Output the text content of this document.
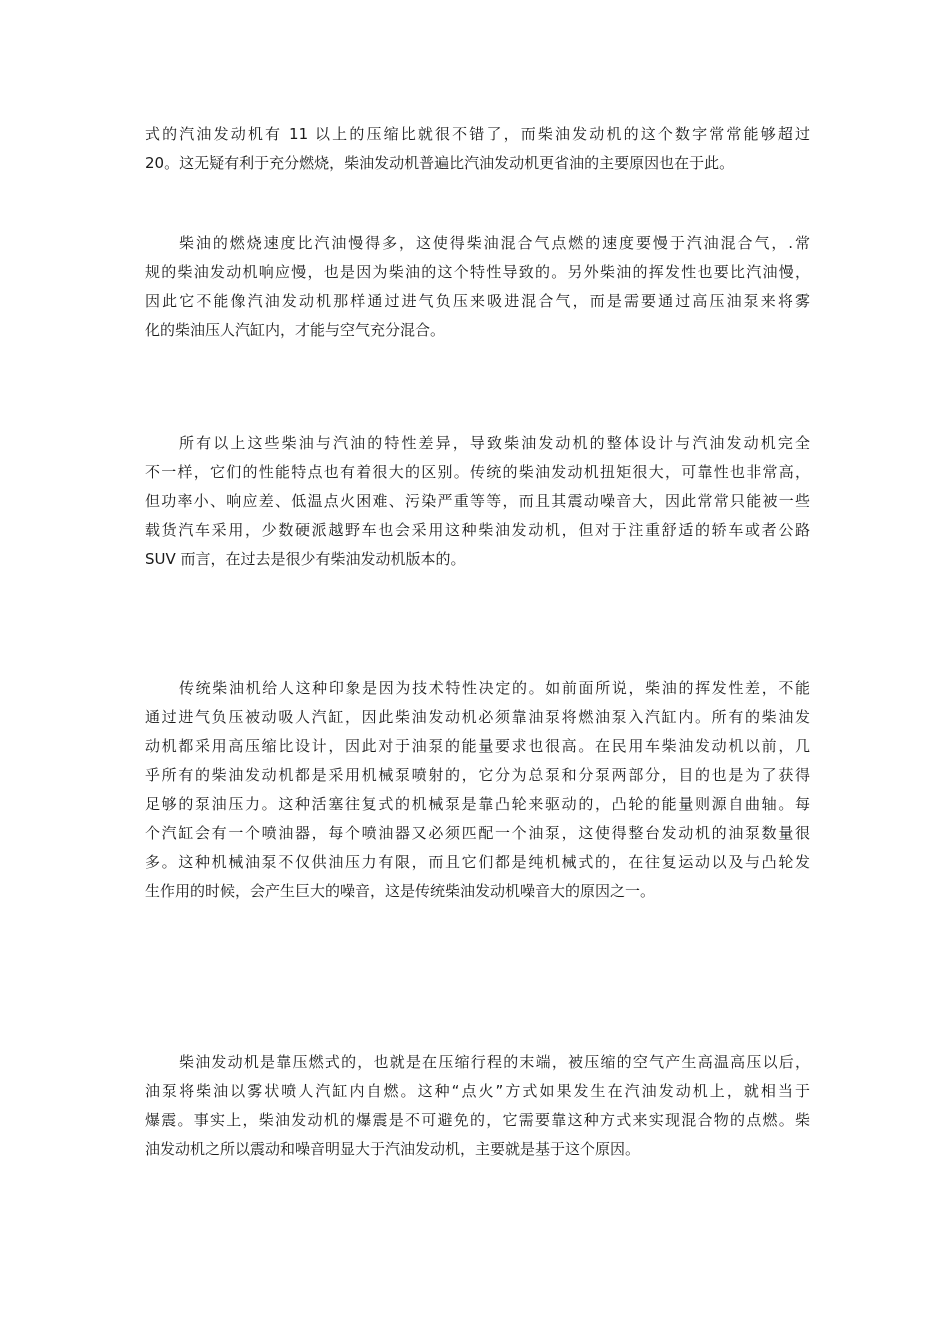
式的汽油发动机有 11 以上的压缩比就很不错了，而柴油发动机的这个数字常常能够超过
20。这无疑有利于充分燃烧，柴油发动机普遍比汽油发动机更省油的主要原因也在于此。

柴油的燃烧速度比汽油慢得多，这使得柴油混合气点燃的速度要慢于汽油混合气，.常
规的柴油发动机响应慢，也是因为柴油的这个特性导致的。另外柴油的挥发性也要比汽油慢，
因此它不能像汽油发动机那样通过进气负压来吸进混合气，而是需要通过高压油泵来将雾
化的柴油压人汽缸内，才能与空气充分混合。

所有以上这些柴油与汽油的特性差异，导致柴油发动机的整体设计与汽油发动机完全
不一样，它们的性能特点也有着很大的区别。传统的柴油发动机扭矩很大，可靠性也非常高，
但功率小、响应差、低温点火困难、污染严重等等，而且其震动噪音大，因此常常只能被一些
载货汽车采用，少数硬派越野车也会采用这种柴油发动机，但对于注重舒适的轿车或者公路
SUV 而言，在过去是很少有柴油发动机版本的。

传统柴油机给人这种印象是因为技术特性决定的。如前面所说，柴油的挥发性差，不能
通过进气负压被动吸人汽缸，因此柴油发动机必须靠油泵将燃油泵入汽缸内。所有的柴油发
动机都采用高压缩比设计，因此对于油泵的能量要求也很高。在民用车柴油发动机以前，几
乎所有的柴油发动机都是采用机械泵喷射的，它分为总泵和分泵两部分，目的也是为了获得
足够的泵油压力。这种活塞往复式的机械泵是靠凸轮来驱动的，凸轮的能量则源自曲轴。每
个汽缸会有一个喷油器，每个喷油器又必须匹配一个油泵，这使得整台发动机的油泵数量很
多。这种机械油泵不仅供油压力有限，而且它们都是纯机械式的，在往复运动以及与凸轮发
生作用的时候，会产生巨大的噪音，这是传统柴油发动机噪音大的原因之一。

柴油发动机是靠压燃式的，也就是在压缩行程的末端，被压缩的空气产生高温高压以后，
油泵将柴油以雾状喷人汽缸内自燃。这种“点火”方式如果发生在汽油发动机上，就相当于
爆震。事实上，柴油发动机的爆震是不可避免的，它需要靠这种方式来实现混合物的点燃。柴
油发动机之所以震动和噪音明显大于汽油发动机，主要就是基于这个原因。
